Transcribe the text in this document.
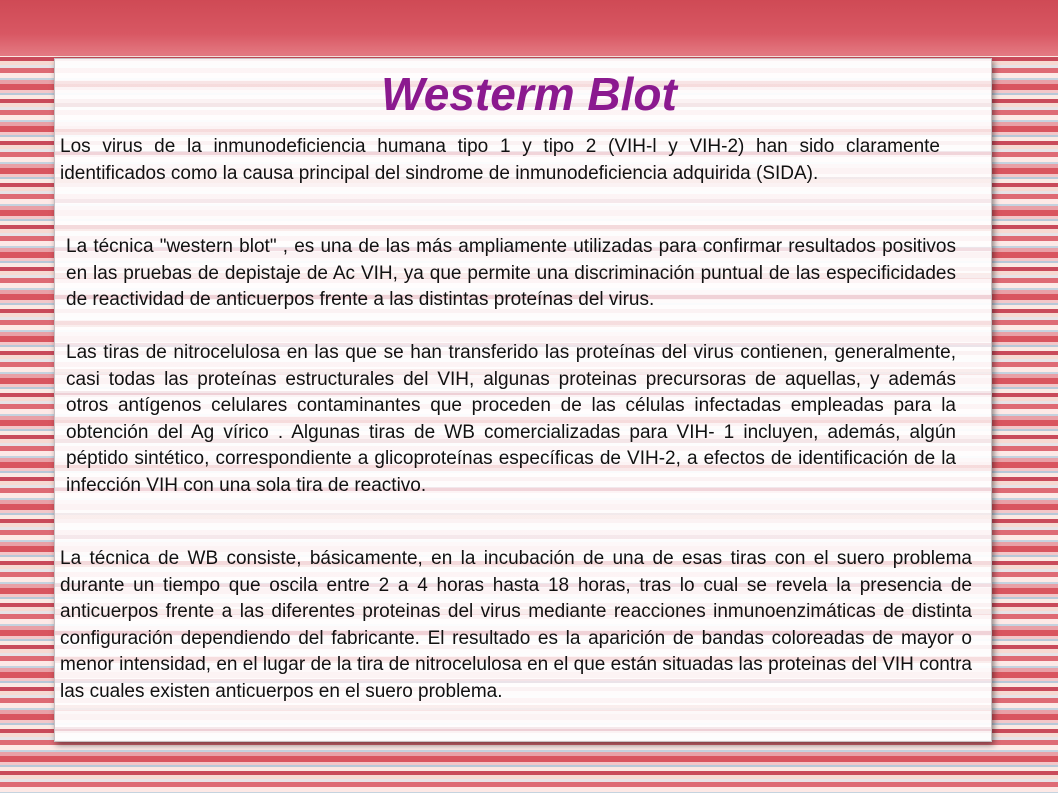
Westerm Blot

Los virus de la inmunodeficiencia humana tipo 1 y tipo 2 (VIH-l y VIH-2) han sido claramente identificados como la causa principal del sindrome de inmunodeficiencia adquirida (SIDA).

La técnica "western blot" , es una de las más ampliamente utilizadas para confirmar resultados positivos en las pruebas de depistaje de Ac VIH, ya que permite una discriminación puntual de las especificidades de reactividad de anticuerpos frente a las distintas proteínas del virus.

Las tiras de nitrocelulosa en las que se han transferido las proteínas del virus contienen, generalmente, casi todas las proteínas estructurales del VIH, algunas proteinas precursoras de aquellas, y además otros antígenos celulares contaminantes que proceden de las células infectadas empleadas para la obtención del Ag vírico . Algunas tiras de WB comercializadas para VIH- 1 incluyen, además, algún péptido sintético, correspondiente a glicoproteínas específicas de VIH-2, a efectos de identificación de la infección VIH con una sola tira de reactivo.

La técnica de WB consiste, básicamente, en la incubación de una de esas tiras con el suero problema durante un tiempo que oscila entre 2 a 4 horas hasta 18 horas, tras lo cual se revela la presencia de anticuerpos frente a las diferentes proteinas del virus mediante reacciones inmunoenzimáticas de distinta configuración dependiendo del fabricante. El resultado es la aparición de bandas coloreadas de mayor o menor intensidad, en el lugar de la tira de nitrocelulosa en el que están situadas las proteinas del VIH contra las cuales existen anticuerpos en el suero problema.
